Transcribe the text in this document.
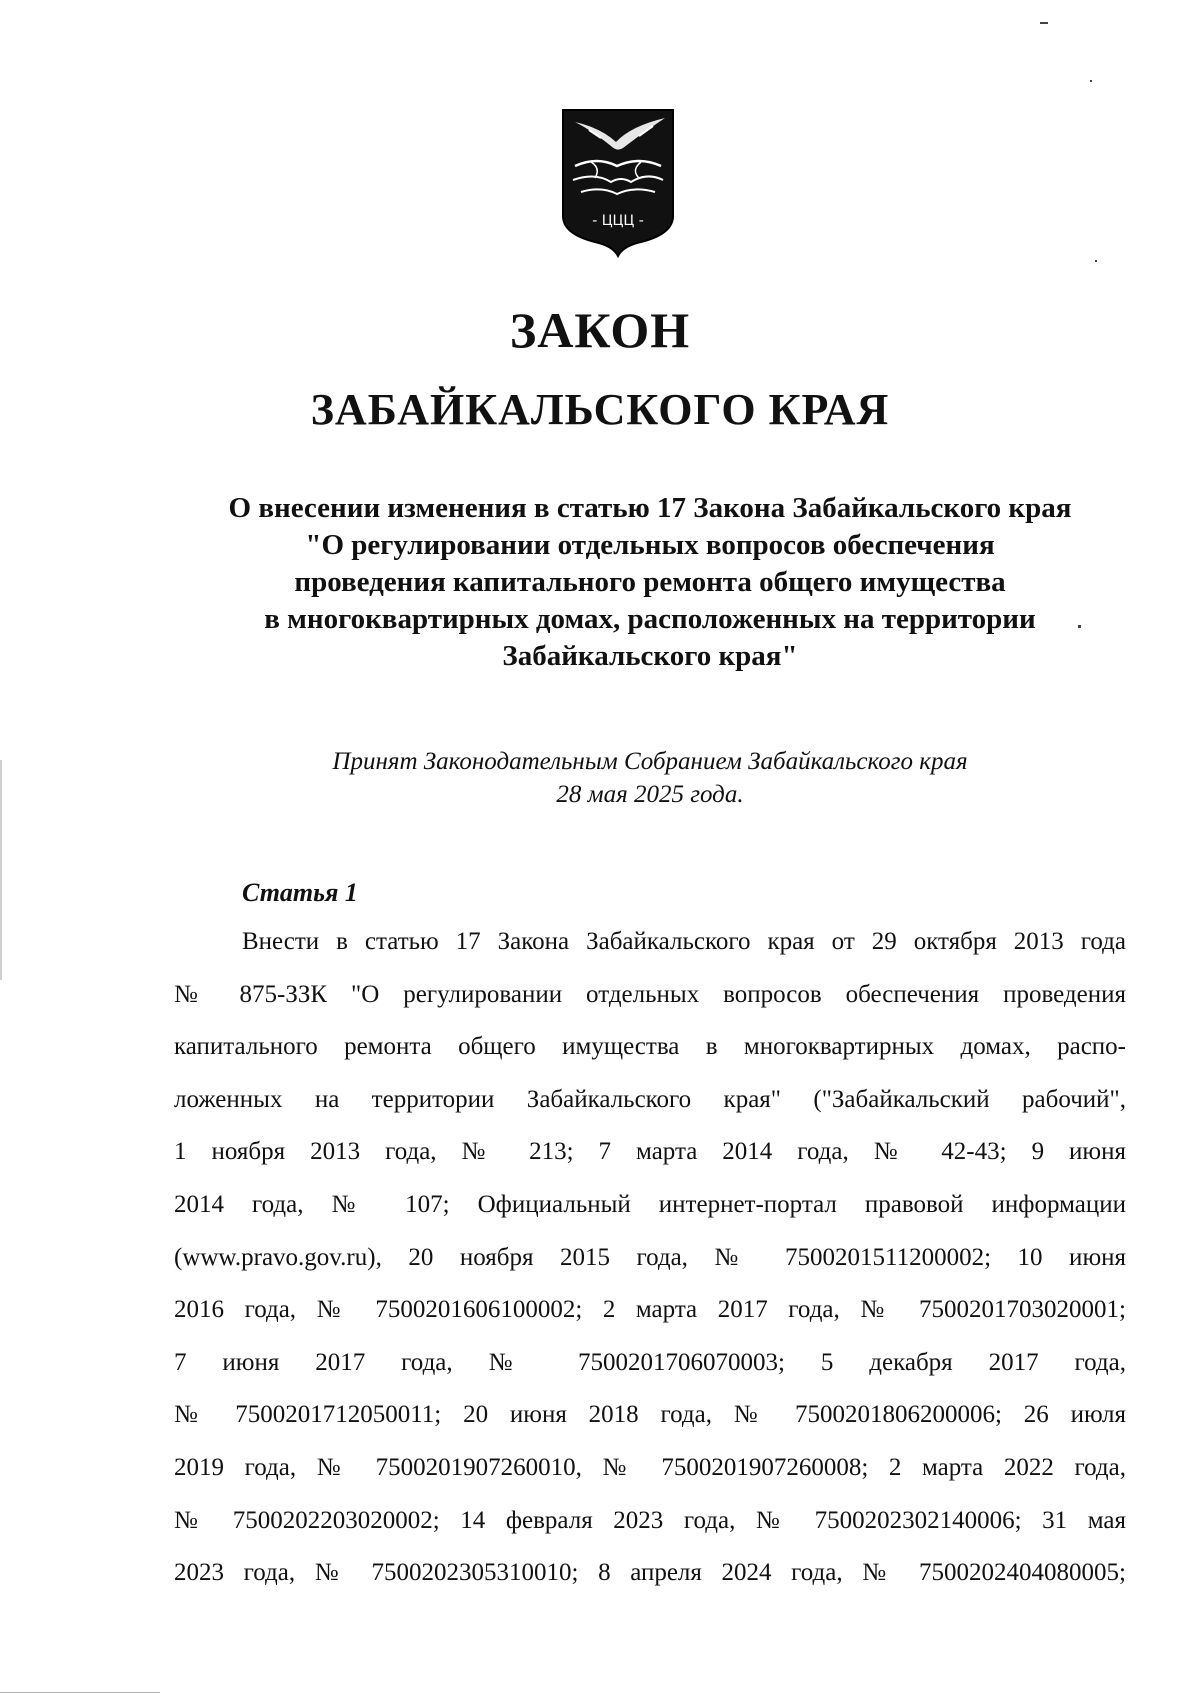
- ЦЦЦ -
ЗАКОН
ЗАБАЙКАЛЬСКОГО КРАЯ
О внесении изменения в статью 17 Закона Забайкальского края
"О регулировании отдельных вопросов обеспечения
проведения капитального ремонта общего имущества
в многоквартирных домах, расположенных на территории
Забайкальского края"
Принят Законодательным Собранием Забайкальского края
28 мая 2025 года.
Статья 1
Внести в статью 17 Закона Забайкальского края от 29 октября 2013 года
№ 875-ЗЗК "О регулировании отдельных вопросов обеспечения проведения
капитального ремонта общего имущества в многоквартирных домах, распо-
ложенных на территории Забайкальского края" ("Забайкальский рабочий",
1 ноября 2013 года, № 213; 7 марта 2014 года, № 42-43; 9 июня
2014 года, № 107; Официальный интернет-портал правовой информации
(www.pravo.gov.ru), 20 ноября 2015 года, № 7500201511200002; 10 июня
2016 года, № 7500201606100002; 2 марта 2017 года, № 7500201703020001;
7 июня 2017 года, № 7500201706070003; 5 декабря 2017 года,
№ 7500201712050011; 20 июня 2018 года, № 7500201806200006; 26 июля
2019 года, № 7500201907260010, № 7500201907260008; 2 марта 2022 года,
№ 7500202203020002; 14 февраля 2023 года, № 7500202302140006; 31 мая
2023 года, № 7500202305310010; 8 апреля 2024 года, № 7500202404080005;
